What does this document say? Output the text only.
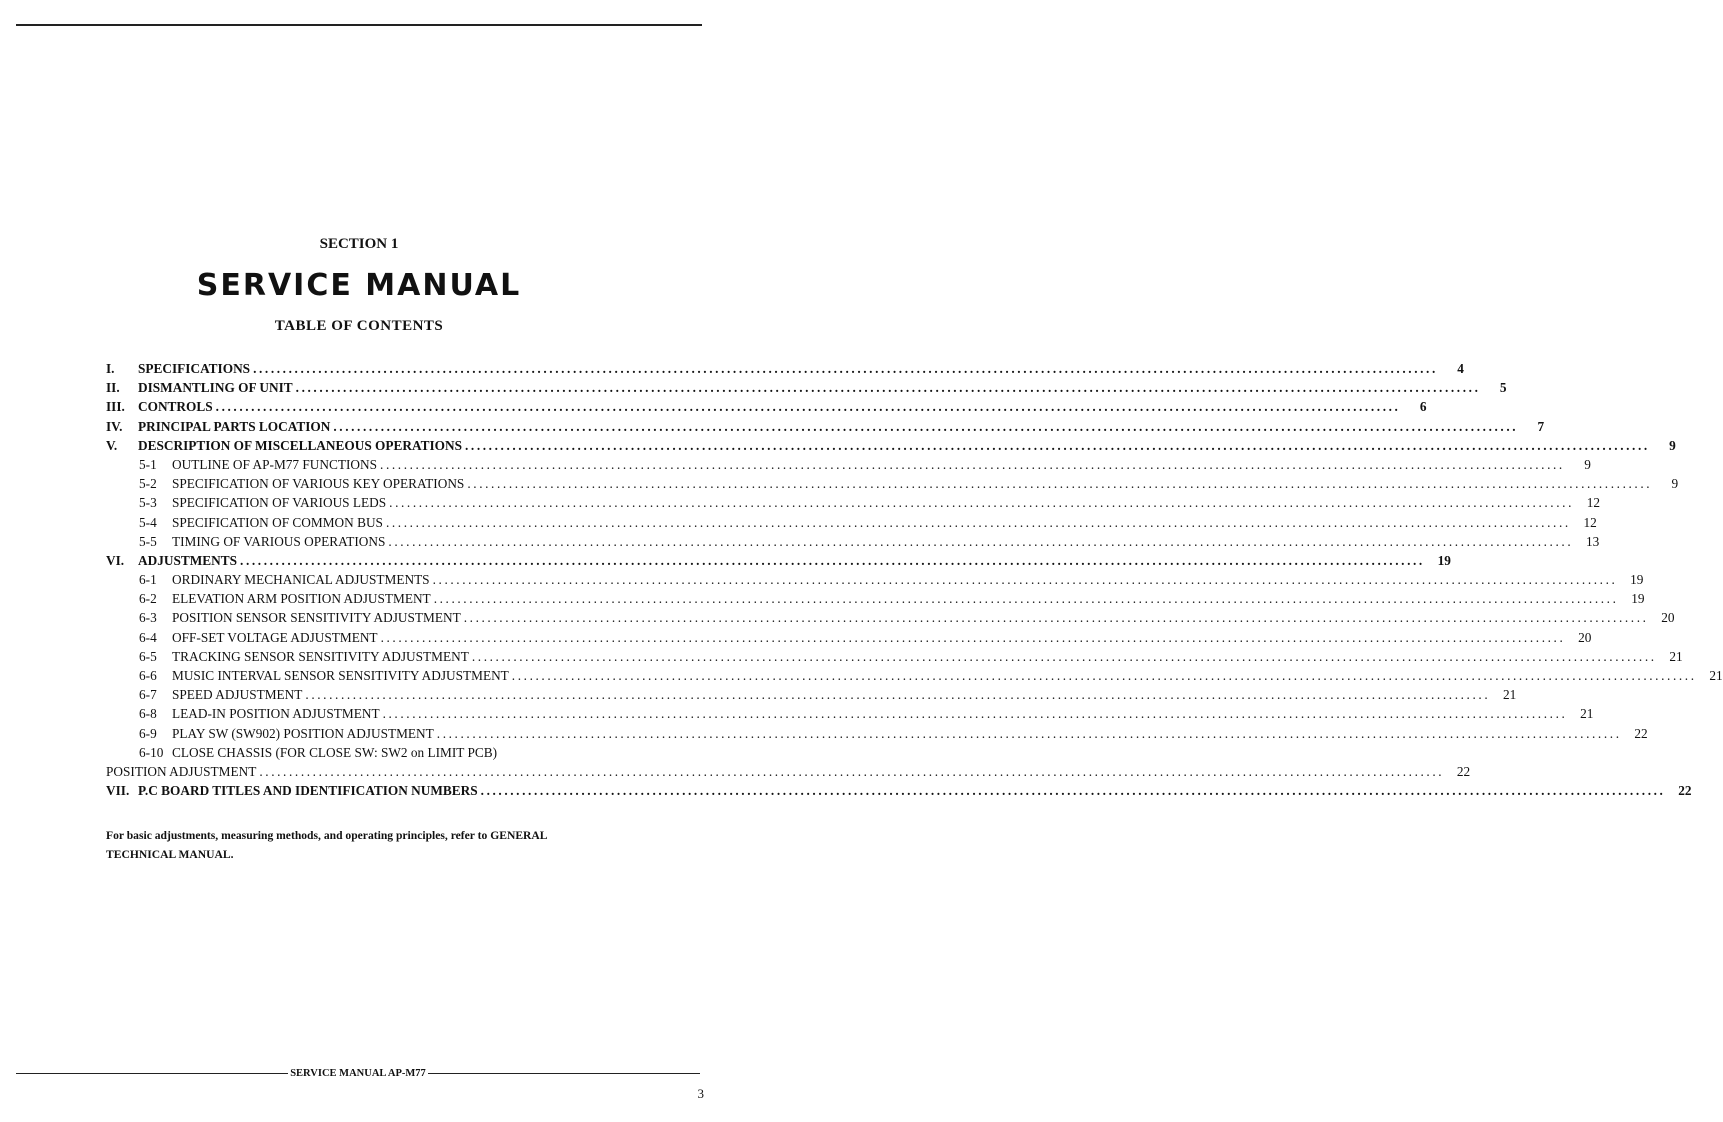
SECTION 1
SERVICE MANUAL
TABLE OF CONTENTS
I. SPECIFICATIONS ........................................................................................................................................................................................................	4
II. DISMANTLING OF UNIT ........................................................................................................................................................................................................	5
III. CONTROLS ........................................................................................................................................................................................................	6
IV. PRINCIPAL PARTS LOCATION ........................................................................................................................................................................................................	7
V. DESCRIPTION OF MISCELLANEOUS OPERATIONS ........................................................................................................................................................................................................	9
5-1 OUTLINE OF AP-M77 FUNCTIONS ........................................................................................................................................................................................................	9
5-2 SPECIFICATION OF VARIOUS KEY OPERATIONS ........................................................................................................................................................................................................	9
5-3 SPECIFICATION OF VARIOUS LEDS ........................................................................................................................................................................................................ 12
5-4 SPECIFICATION OF COMMON BUS ........................................................................................................................................................................................................ 12
5-5 TIMING OF VARIOUS OPERATIONS ........................................................................................................................................................................................................ 13
VI. ADJUSTMENTS ........................................................................................................................................................................................................ 19
6-1 ORDINARY MECHANICAL ADJUSTMENTS ........................................................................................................................................................................................................ 19
6-2 ELEVATION ARM POSITION ADJUSTMENT ........................................................................................................................................................................................................ 19
6-3 POSITION SENSOR SENSITIVITY ADJUSTMENT ........................................................................................................................................................................................................ 20
6-4 OFF-SET VOLTAGE ADJUSTMENT ........................................................................................................................................................................................................ 20
6-5 TRACKING SENSOR SENSITIVITY ADJUSTMENT ........................................................................................................................................................................................................ 21
6-6 MUSIC INTERVAL SENSOR SENSITIVITY ADJUSTMENT ........................................................................................................................................................................................................ 21
6-7 SPEED ADJUSTMENT ........................................................................................................................................................................................................ 21
6-8 LEAD-IN POSITION ADJUSTMENT ........................................................................................................................................................................................................ 21
6-9 PLAY SW (SW902) POSITION ADJUSTMENT ........................................................................................................................................................................................................ 22
6-10 CLOSE CHASSIS (FOR CLOSE SW: SW2 on LIMIT PCB)
POSITION ADJUSTMENT ........................................................................................................................................................................................................ 22
VII. P.C BOARD TITLES AND IDENTIFICATION NUMBERS ........................................................................................................................................................................................................ 22
For basic adjustments, measuring methods, and operating principles, refer to GENERAL TECHNICAL MANUAL.
SERVICE MANUAL AP-M77
3
